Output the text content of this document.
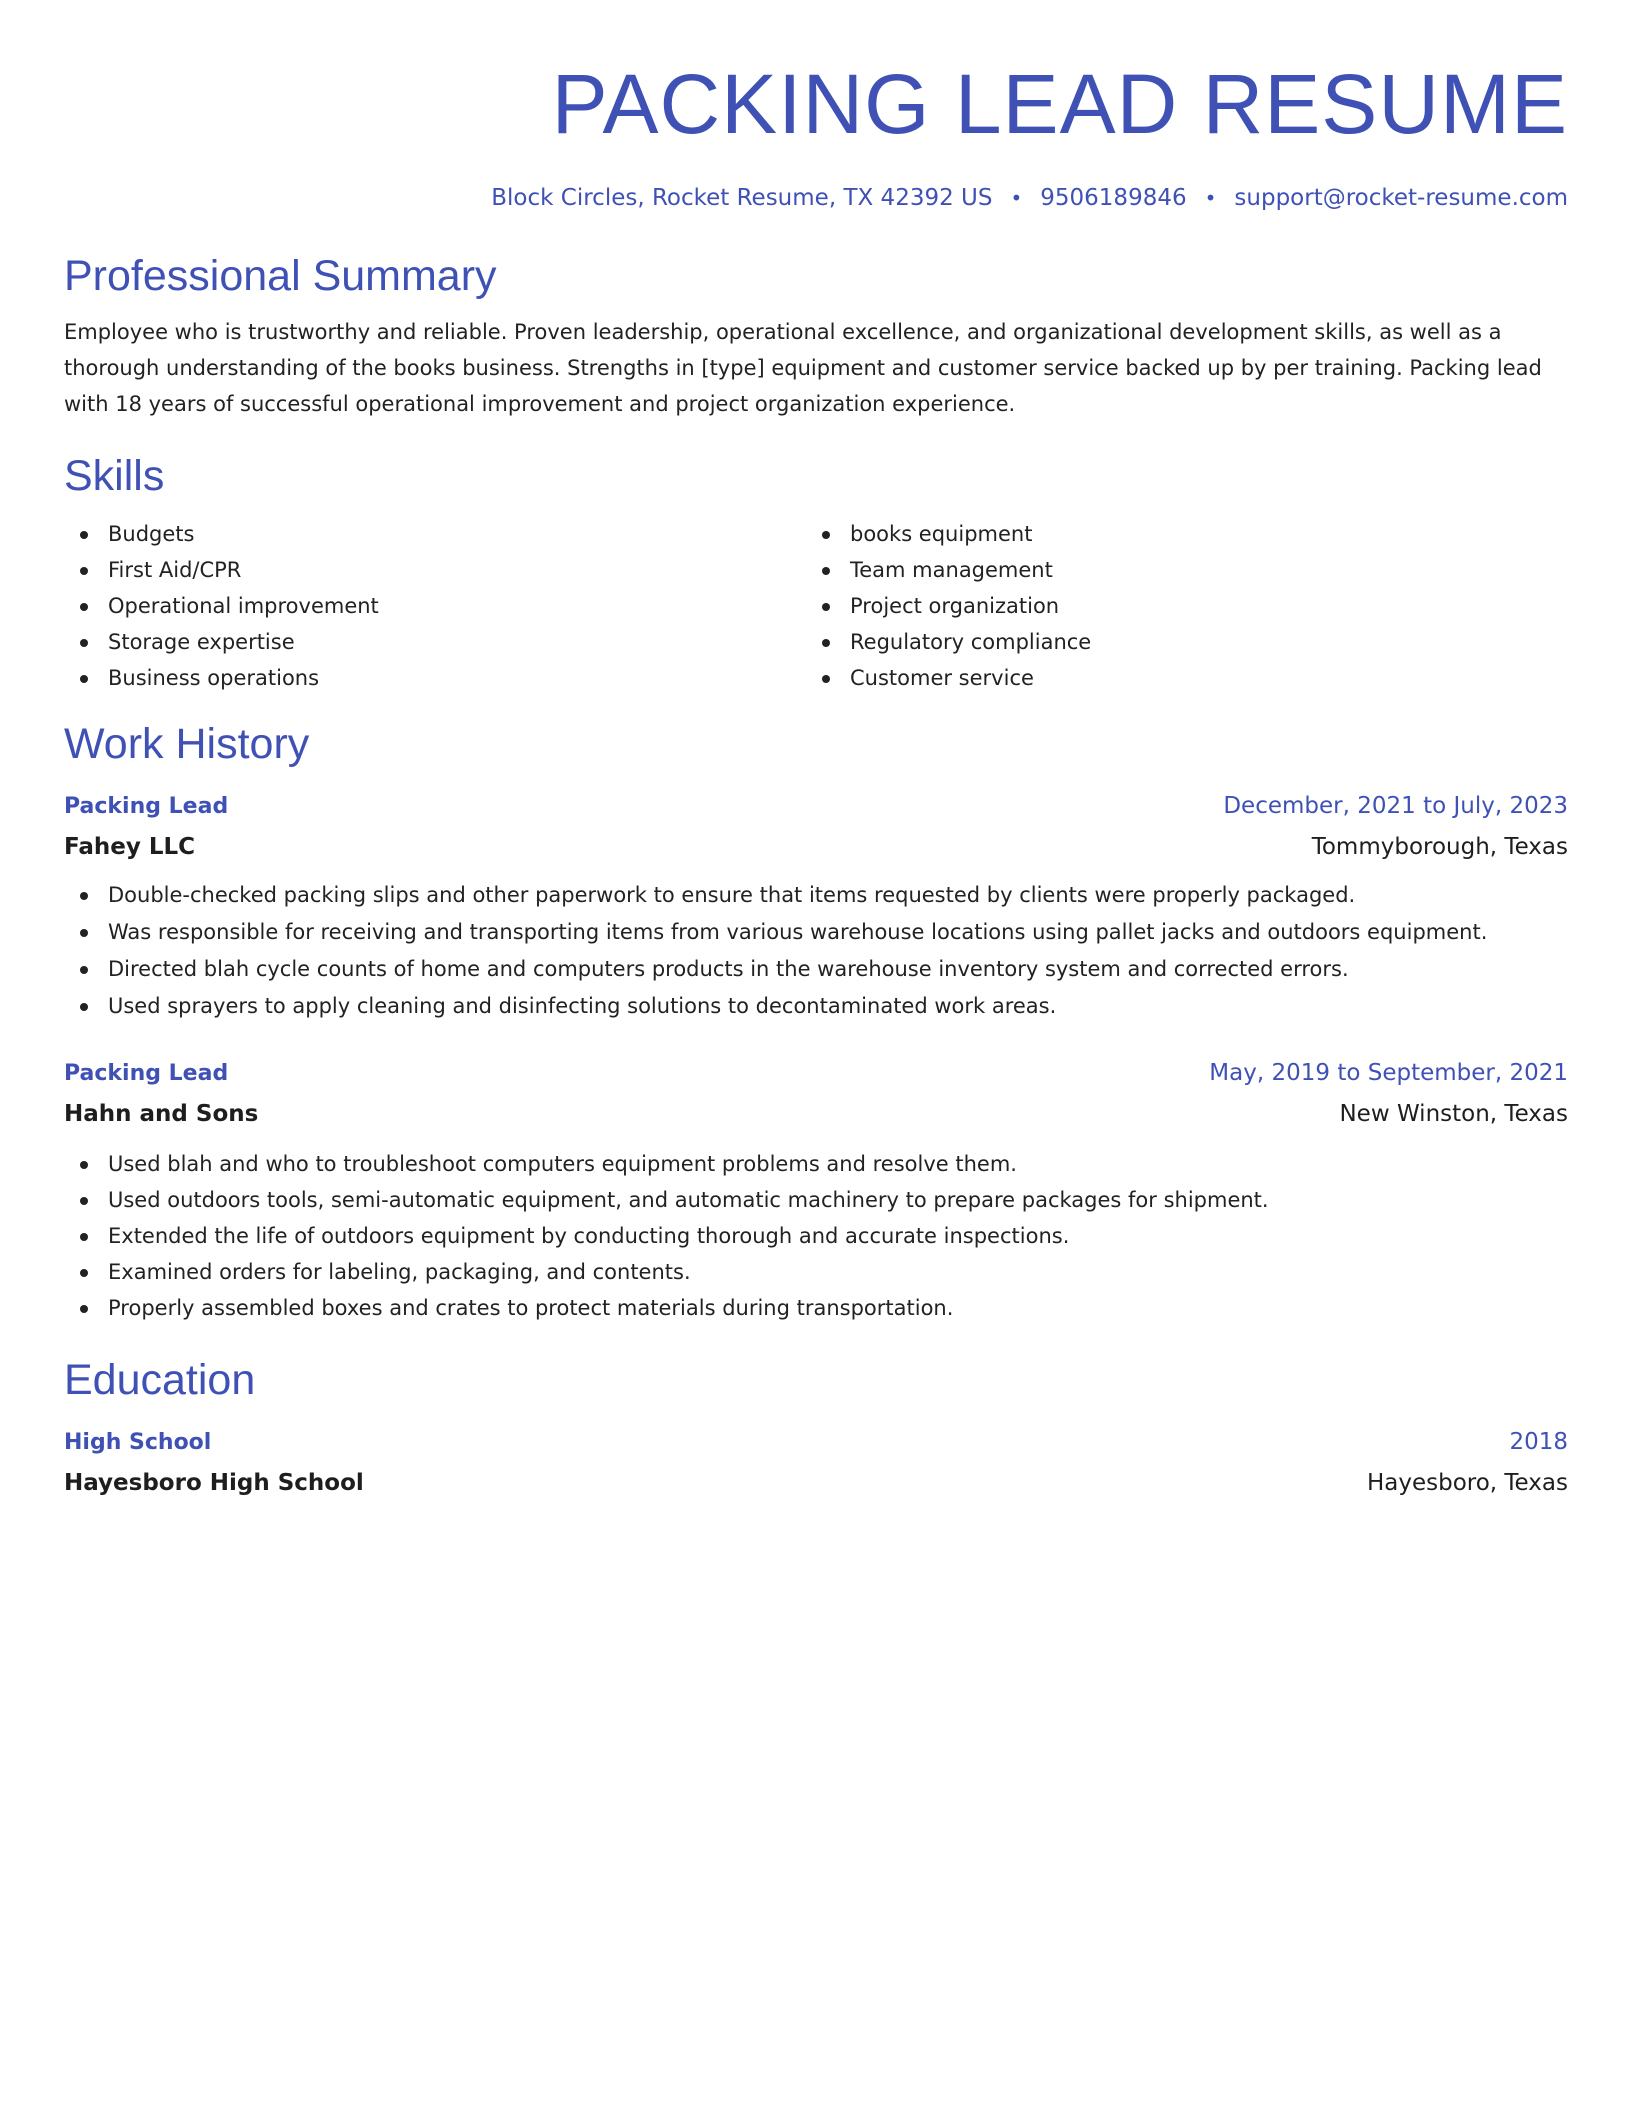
PACKING LEAD RESUME
Block Circles, Rocket Resume, TX 42392 US • 9506189846 • support@rocket-resume.com
Professional Summary

Employee who is trustworthy and reliable. Proven leadership, operational excellence, and organizational development skills, as well as a thorough understanding of the books business. Strengths in [type] equipment and customer service backed up by per training. Packing lead with 18 years of successful operational improvement and project organization experience.

Skills
Budgets
First Aid/CPR
Operational improvement
Storage expertise
Business operations
books equipment
Team management
Project organization
Regulatory compliance
Customer service
Work History
Packing Lead	December, 2021 to July, 2023
Fahey LLC	Tommyborough, Texas
Double-checked packing slips and other paperwork to ensure that items requested by clients were properly packaged.
Was responsible for receiving and transporting items from various warehouse locations using pallet jacks and outdoors equipment.
Directed blah cycle counts of home and computers products in the warehouse inventory system and corrected errors.
Used sprayers to apply cleaning and disinfecting solutions to decontaminated work areas.
Packing Lead	May, 2019 to September, 2021
Hahn and Sons	New Winston, Texas
Used blah and who to troubleshoot computers equipment problems and resolve them.
Used outdoors tools, semi-automatic equipment, and automatic machinery to prepare packages for shipment.
Extended the life of outdoors equipment by conducting thorough and accurate inspections.
Examined orders for labeling, packaging, and contents.
Properly assembled boxes and crates to protect materials during transportation.
Education
High School	2018
Hayesboro High School	Hayesboro, Texas
